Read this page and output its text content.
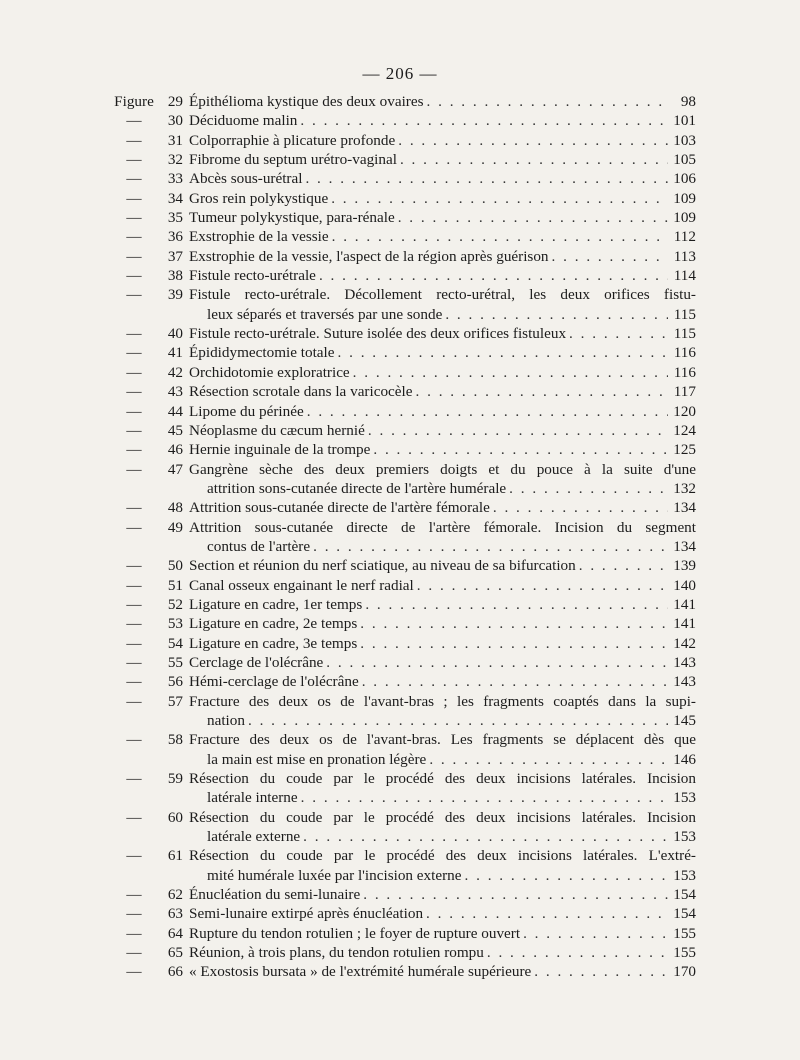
— 206 —
Figure 29 Épithélioma kystique des deux ovaires . . .	98
—	30 Déciduome malin . . .	101
—	31 Colporraphie à plicature profonde . . .	103
—	32 Fibrome du septum urétro-vaginal . . .	105
—	33 Abcès sous-urétral . . .	106
—	34 Gros rein polykystique . . .	109
—	35 Tumeur polykystique, para-rénale . . .	109
—	36 Exstrophie de la vessie . . .	112
—	37 Exstrophie de la vessie, l'aspect de la région après guérison . . .	113
—	38 Fistule recto-urétrale . . .	114
—	39 Fistule recto-urétrale. Décollement recto-urétral, les deux orifices fistu-
leux séparés et traversés par une sonde . . .	115
—	40 Fistule recto-urétrale. Suture isolée des deux orifices fistuleux . . .	115
—	41 Épididymectomie totale . . .	116
—	42 Orchidotomie exploratrice . . .	116
—	43 Résection scrotale dans la varicocèle . . .	117
—	44 Lipome du périnée . . .	120
—	45 Néoplasme du cæcum hernié . . .	124
—	46 Hernie inguinale de la trompe . . .	125
—	47 Gangrène sèche des deux premiers doigts et du pouce à la suite d'une
attrition sons-cutanée directe de l'artère humérale . . .	132
—	48 Attrition sous-cutanée directe de l'artère fémorale . . .	134
—	49 Attrition sous-cutanée directe de l'artère fémorale. Incision du segment
contus de l'artère . . .	134
—	50 Section et réunion du nerf sciatique, au niveau de sa bifurcation . . .	139
—	51 Canal osseux engainant le nerf radial . . .	140
—	52 Ligature en cadre, 1er temps . . .	141
—	53 Ligature en cadre, 2e temps . . .	141
—	54 Ligature en cadre, 3e temps . . .	142
—	55 Cerclage de l'olécrâne . . .	143
—	56 Hémi-cerclage de l'olécrâne . . .	143
—	57 Fracture des deux os de l'avant-bras ; les fragments coaptés dans la supi-
nation . . .	145
—	58 Fracture des deux os de l'avant-bras. Les fragments se déplacent dès que
la main est mise en pronation légère . . .	146
—	59 Résection du coude par le procédé des deux incisions latérales. Incision
latérale interne . . .	153
—	60 Résection du coude par le procédé des deux incisions latérales. Incision
latérale externe . . .	153
—	61 Résection du coude par le procédé des deux incisions latérales. L'extré-
mité humérale luxée par l'incision externe . . .	153
—	62 Énucléation du semi-lunaire . . .	154
—	63 Semi-lunaire extirpé après énucléation . . .	154
—	64 Rupture du tendon rotulien ; le foyer de rupture ouvert . . .	155
—	65 Réunion, à trois plans, du tendon rotulien rompu . . .	155
—	66 « Exostosis bursata » de l'extrémité humérale supérieure . . .	170
